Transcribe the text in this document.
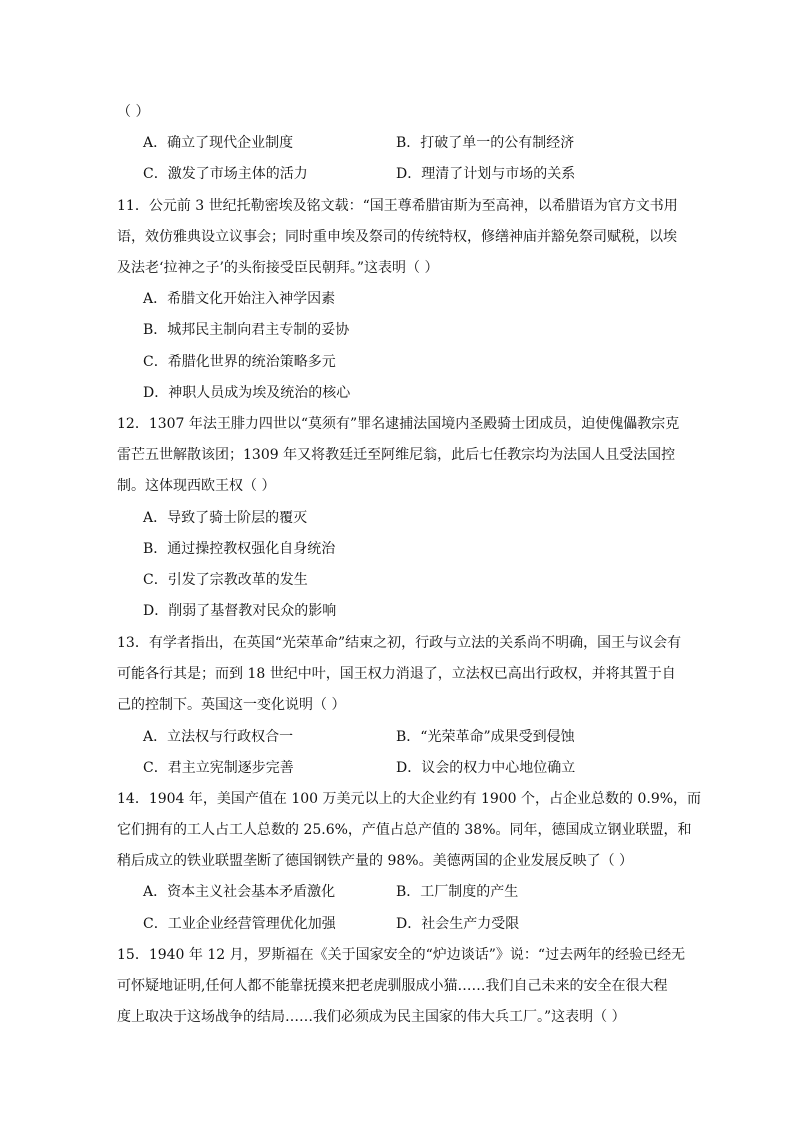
（ ）
A．确立了现代企业制度	B．打破了单一的公有制经济
C．激发了市场主体的活力	D．理清了计划与市场的关系
11．公元前 3 世纪托勒密埃及铭文载：“国王尊希腊宙斯为至高神，以希腊语为官方文书用
语，效仿雅典设立议事会；同时重申埃及祭司的传统特权，修缮神庙并豁免祭司赋税，以埃
及法老‘拉神之子’的头衔接受臣民朝拜。”这表明（ ）
A．希腊文化开始注入神学因素
B．城邦民主制向君主专制的妥协
C．希腊化世界的统治策略多元
D．神职人员成为埃及统治的核心
12．1307 年法王腓力四世以“莫须有”罪名逮捕法国境内圣殿骑士团成员，迫使傀儡教宗克
雷芒五世解散该团；1309 年又将教廷迁至阿维尼翁，此后七任教宗均为法国人且受法国控
制。这体现西欧王权（ ）
A．导致了骑士阶层的覆灭
B．通过操控教权强化自身统治
C．引发了宗教改革的发生
D．削弱了基督教对民众的影响
13．有学者指出，在英国“光荣革命”结束之初，行政与立法的关系尚不明确，国王与议会有
可能各行其是；而到 18 世纪中叶，国王权力消退了，立法权已高出行政权，并将其置于自
己的控制下。英国这一变化说明（ ）
A．立法权与行政权合一	B．“光荣革命”成果受到侵蚀
C．君主立宪制逐步完善	D．议会的权力中心地位确立
14．1904 年，美国产值在 100 万美元以上的大企业约有 1900 个，占企业总数的 0.9%，而
它们拥有的工人占工人总数的 25.6%，产值占总产值的 38%。同年，德国成立钢业联盟，和
稍后成立的铁业联盟垄断了德国钢铁产量的 98%。美德两国的企业发展反映了（ ）
A．资本主义社会基本矛盾激化	B．工厂制度的产生
C．工业企业经营管理优化加强	D．社会生产力受限
15．1940 年 12 月，罗斯福在《关于国家安全的“炉边谈话”》说：“过去两年的经验已经无
可怀疑地证明,任何人都不能靠抚摸来把老虎驯服成小猫……我们自己未来的安全在很大程
度上取决于这场战争的结局……我们必须成为民主国家的伟大兵工厂。”这表明（ ）
